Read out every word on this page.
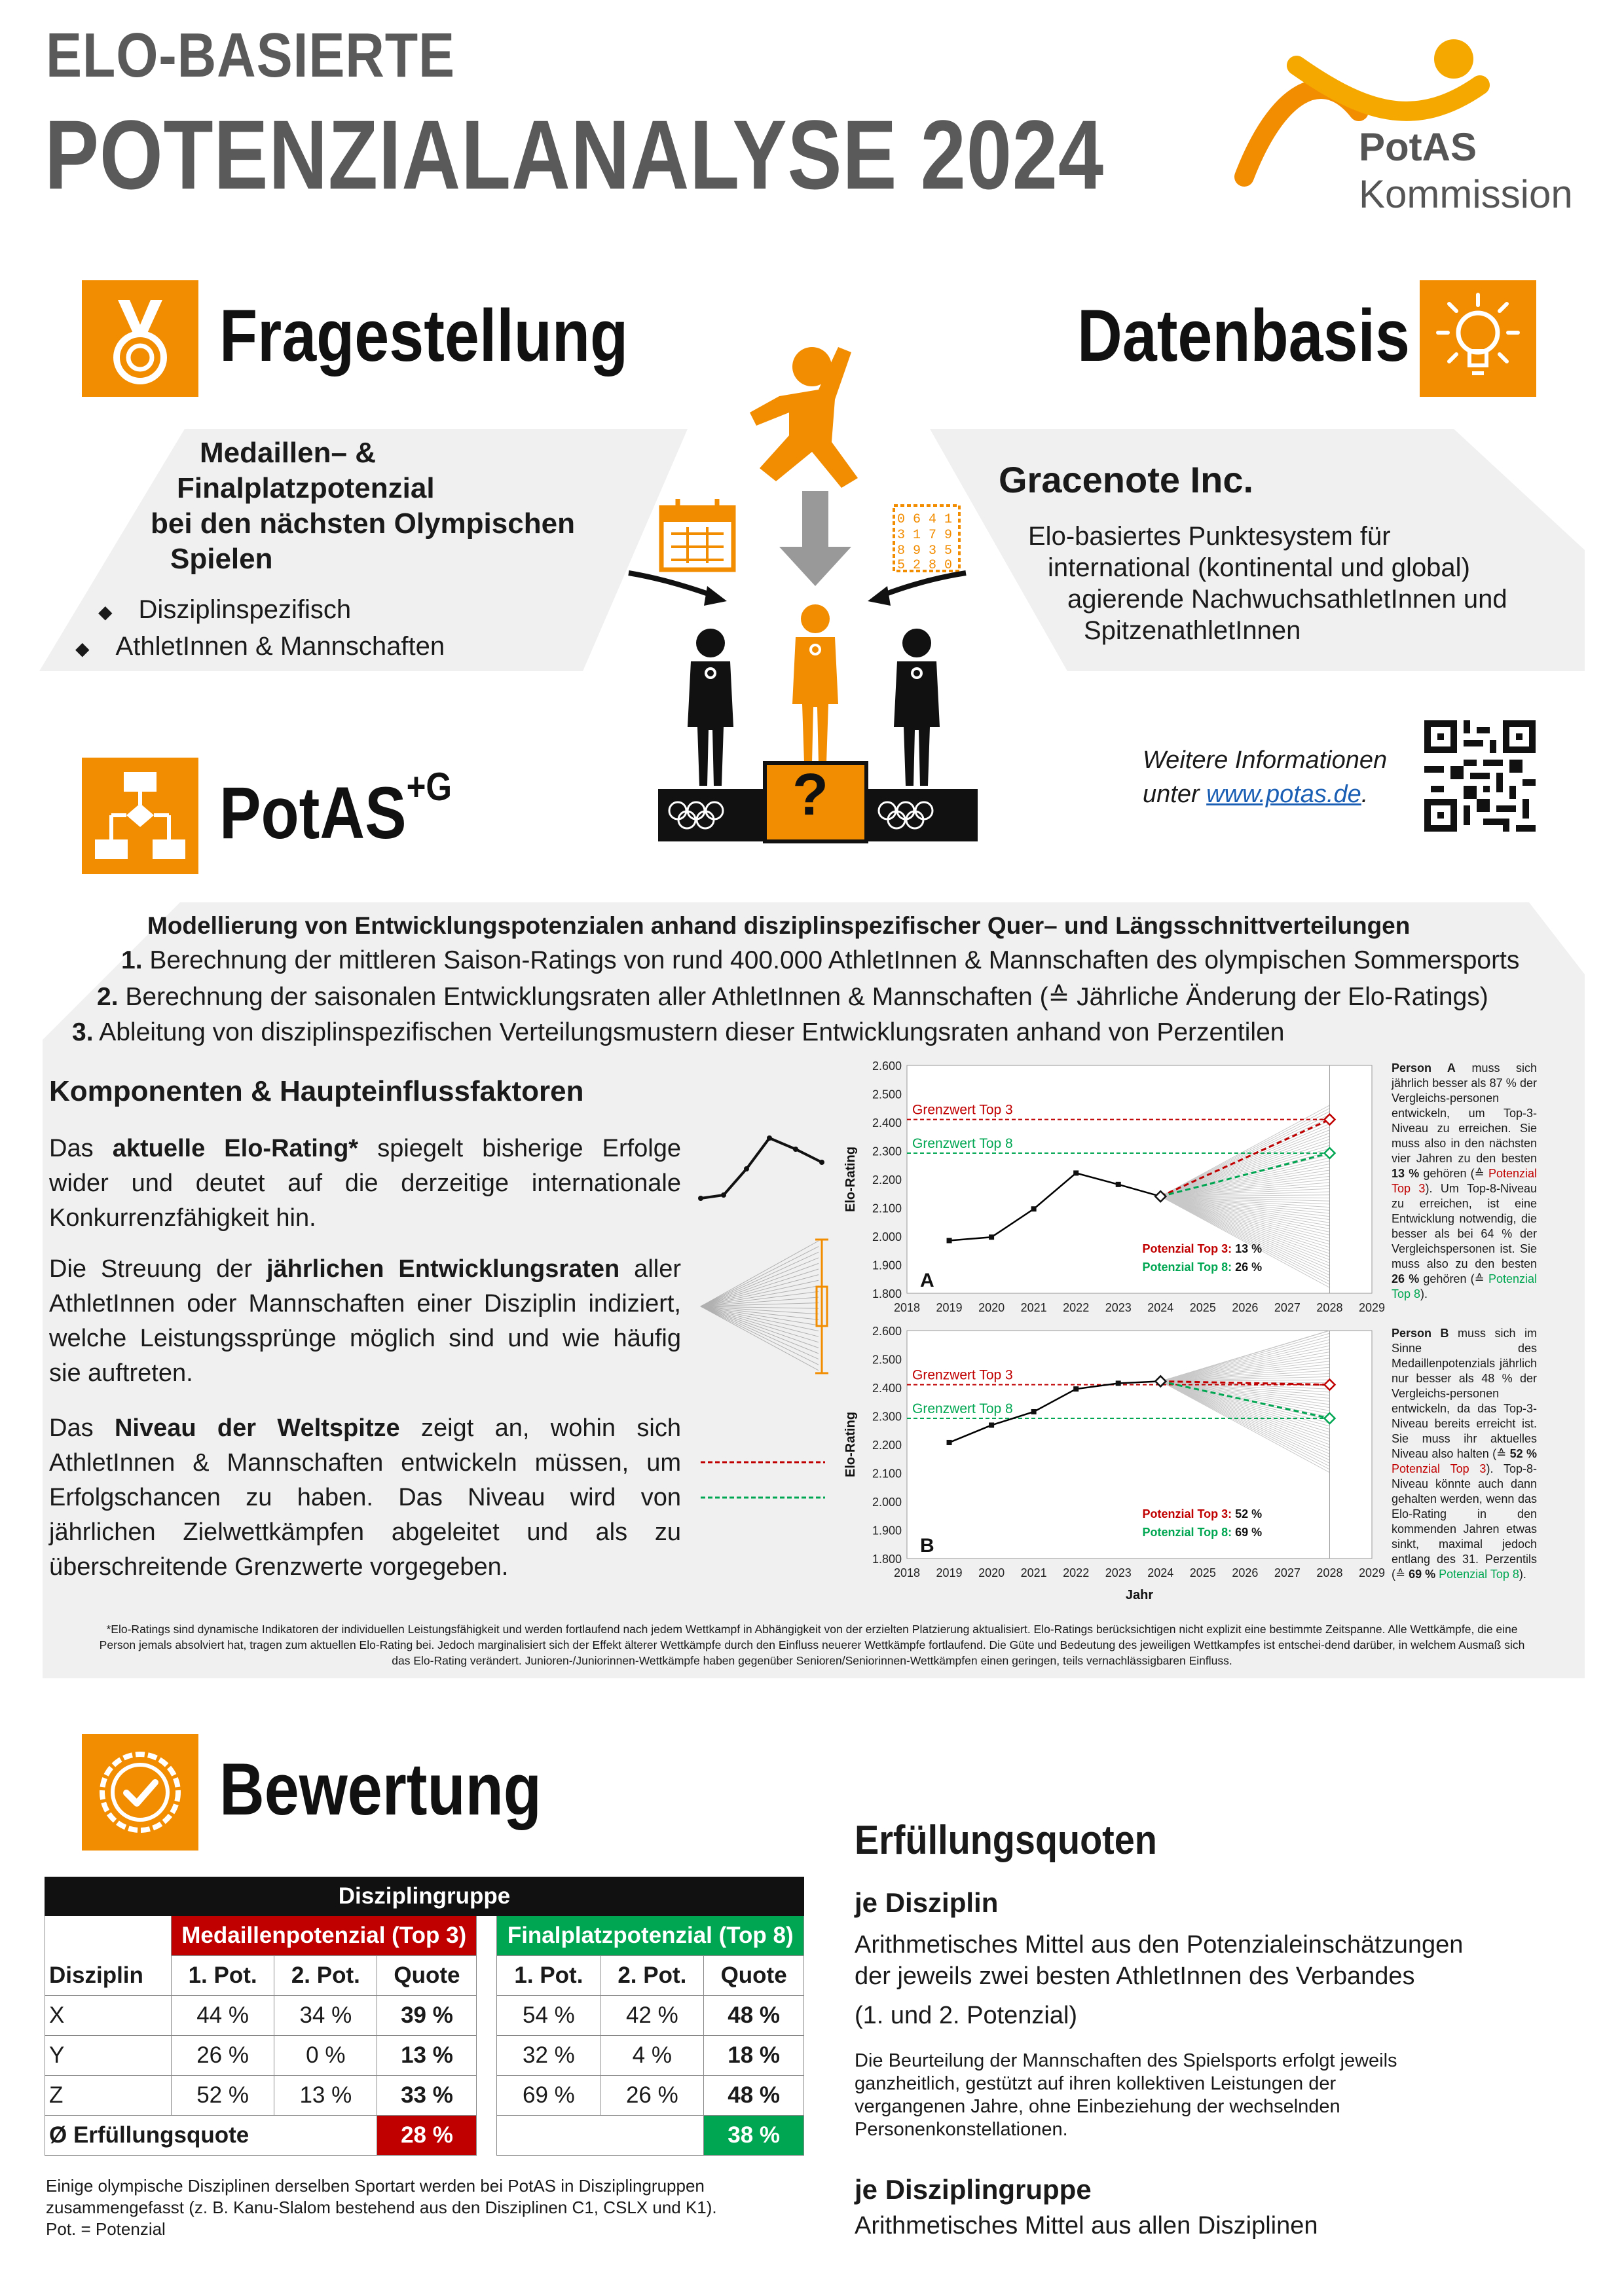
ELO-BASIERTE
POTENZIALANALYSE 2024	PotAS
Kommission
Fragestellung
Medaillen– &
Finalplatzpotenzial
bei den nächsten Olympischen
Spielen
◆ Disziplinspezifisch
◆ AthletInnen & Mannschaften
Datenbasis
Gracenote Inc.
Elo-basiertes Punktesystem für
international (kontinental und global)
agierende NachwuchsathletInnen und
SpitzenathletInnen
0 6 4 1
3 1 7 9
8 9 3 5
5 2 8 0
?
Weitere Informationen
unter www.potas.de.
PotAS$^{+G}$
Modellierung von Entwicklungspotenzialen anhand disziplinspezifischer Quer– und Längsschnittverteilungen
1. Berechnung der mittleren Saison-Ratings von rund 400.000 AthletInnen & Mannschaften des olympischen Sommersports
2. Berechnung der saisonalen Entwicklungsraten aller AthletInnen & Mannschaften (≙ Jährliche Änderung der Elo-Ratings)
3. Ableitung von disziplinspezifischen Verteilungsmustern dieser Entwicklungsraten anhand von Perzentilen
Komponenten & Haupteinflussfaktoren
Das aktuelle Elo-Rating* spiegelt bisherige Erfolge wider und deutet auf die derzeitige internationale Konkurrenzfähigkeit hin.
Die Streuung der jährlichen Entwicklungsraten aller AthletInnen oder Mannschaften einer Disziplin indiziert, welche Leistungssprünge möglich sind und wie häufig sie auftreten.
Das Niveau der Weltspitze zeigt an, wohin sich AthletInnen & Mannschaften entwickeln müssen, um Erfolgschancen zu haben. Das Niveau wird von jährlichen Zielwettkämpfen abgeleitet und als zu überschreitende Grenzwerte vorgegeben.
Grenzwert Top 3
Grenzwert Top 8
1.800
1.900
2.000
2.100
2.200
2.300
2.400
2.500
2.600
2018 2019 2020 2021 2022 2023 2024 2025 2026 2027 2028 2029
Elo-Rating
A
Potenzial Top 3: 13 %
Potenzial Top 8: 26 %
Grenzwert Top 3
Grenzwert Top 8
1.800
1.900
2.000
2.100
2.200
2.300
2.400
2.500
2.600
2018 2019 2020 2021 2022 2023 2024 2025 2026 2027 2028 2029
Elo-Rating
Jahr
B
Potenzial Top 3: 52 %
Potenzial Top 8: 69 %
Person A muss sich jährlich besser als 87 % der Vergleichs-personen entwickeln, um Top-3-Niveau zu erreichen. Sie muss also in den nächsten vier Jahren zu den besten 13 % gehören (≙ Potenzial Top 3). Um Top-8-Niveau zu erreichen, ist eine Entwicklung notwendig, die besser als bei 64 % der Vergleichspersonen ist. Sie muss also zu den besten 26 % gehören (≙ Potenzial Top 8).
Person B muss sich im Sinne des Medaillenpotenzials jährlich nur besser als 48 % der Vergleichs-personen entwickeln, da das Top-3-Niveau bereits erreicht ist. Sie muss ihr aktuelles Niveau also halten (≙ 52 % Potenzial Top 3). Top-8-Niveau könnte auch dann gehalten werden, wenn das Elo-Rating in den kommenden Jahren etwas sinkt, maximal jedoch entlang des 31. Perzentils (≙ 69 % Potenzial Top 8).
*Elo-Ratings sind dynamische Indikatoren der individuellen Leistungsfähigkeit und werden fortlaufend nach jedem Wettkampf in Abhängigkeit von der erzielten Platzierung aktualisiert. Elo-Ratings berücksichtigen nicht explizit eine bestimmte Zeitspanne. Alle Wettkämpfe, die eine Person jemals absolviert hat, tragen zum aktuellen Elo-Rating bei. Jedoch marginalisiert sich der Effekt älterer Wettkämpfe durch den Einfluss neuerer Wettkämpfe fortlaufend. Die Güte und Bedeutung des jeweiligen Wettkampfes ist entschei-dend darüber, in welchem Ausmaß sich das Elo-Rating verändert. Junioren-/Juniorinnen-Wettkämpfe haben gegenüber Senioren/Seniorinnen-Wettkämpfen einen geringen, teils vernachlässigbaren Einfluss.
Bewertung
Disziplingruppe							
Disziplin	Medaillenpotenzial (Top 3)				Finalplatzpotenzial (Top 8)		
	1. Pot.	2. Pot.	Quote		1. Pot.	2. Pot.	Quote
X	44 %	34 %	39 %		54 %	42 %	48 %
Y	26 %	0 %	13 %		32 %	4 %	18 %
Z	52 %	13 %	33 %		69 %	26 %	48 %
Ø Erfüllungsquote			28 %				38 %
Einige olympische Disziplinen derselben Sportart werden bei PotAS in Disziplingruppen
zusammengefasst (z. B. Kanu-Slalom bestehend aus den Disziplinen C1, CSLX und K1).
Pot. = Potenzial
Erfüllungsquoten
je Disziplin
Arithmetisches Mittel aus den Potenzialeinschätzungen
der jeweils zwei besten AthletInnen des Verbandes
(1. und 2. Potenzial)
Die Beurteilung der Mannschaften des Spielsports erfolgt jeweils
ganzheitlich, gestützt auf ihren kollektiven Leistungen der
vergangenen Jahre, ohne Einbeziehung der wechselnden
Personenkonstellationen.
je Disziplingruppe
Arithmetisches Mittel aus allen Disziplinen
